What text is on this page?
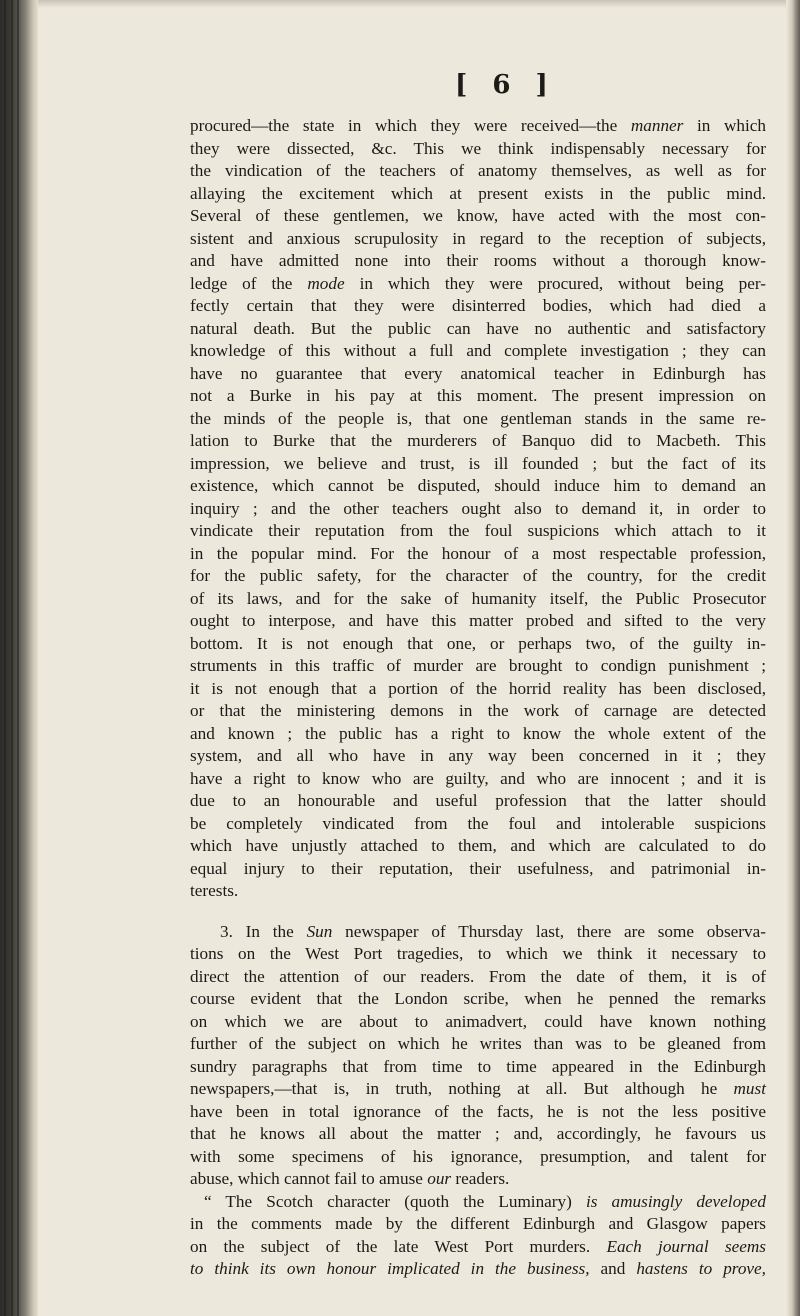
[ 6 ]
procured—the state in which they were received—the manner in which
they were dissected, &c. This we think indispensably necessary for
the vindication of the teachers of anatomy themselves, as well as for
allaying the excitement which at present exists in the public mind.
Several of these gentlemen, we know, have acted with the most con-
sistent and anxious scrupulosity in regard to the reception of subjects,
and have admitted none into their rooms without a thorough know-
ledge of the mode in which they were procured, without being per-
fectly certain that they were disinterred bodies, which had died a
natural death. But the public can have no authentic and satisfactory
knowledge of this without a full and complete investigation ; they can
have no guarantee that every anatomical teacher in Edinburgh has
not a Burke in his pay at this moment. The present impression on
the minds of the people is, that one gentleman stands in the same re-
lation to Burke that the murderers of Banquo did to Macbeth. This
impression, we believe and trust, is ill founded ; but the fact of its
existence, which cannot be disputed, should induce him to demand an
inquiry ; and the other teachers ought also to demand it, in order to
vindicate their reputation from the foul suspicions which attach to it
in the popular mind. For the honour of a most respectable profession,
for the public safety, for the character of the country, for the credit
of its laws, and for the sake of humanity itself, the Public Prosecutor
ought to interpose, and have this matter probed and sifted to the very
bottom. It is not enough that one, or perhaps two, of the guilty in-
struments in this traffic of murder are brought to condign punishment ;
it is not enough that a portion of the horrid reality has been disclosed,
or that the ministering demons in the work of carnage are detected
and known ; the public has a right to know the whole extent of the
system, and all who have in any way been concerned in it ; they
have a right to know who are guilty, and who are innocent ; and it is
due to an honourable and useful profession that the latter should
be completely vindicated from the foul and intolerable suspicions
which have unjustly attached to them, and which are calculated to do
equal injury to their reputation, their usefulness, and patrimonial in-
terests.
3. In the Sun newspaper of Thursday last, there are some observa-
tions on the West Port tragedies, to which we think it necessary to
direct the attention of our readers. From the date of them, it is of
course evident that the London scribe, when he penned the remarks
on which we are about to animadvert, could have known nothing
further of the subject on which he writes than was to be gleaned from
sundry paragraphs that from time to time appeared in the Edinburgh
newspapers,—that is, in truth, nothing at all. But although he must
have been in total ignorance of the facts, he is not the less positive
that he knows all about the matter ; and, accordingly, he favours us
with some specimens of his ignorance, presumption, and talent for
abuse, which cannot fail to amuse our readers.
“ The Scotch character (quoth the Luminary) is amusingly developed
in the comments made by the different Edinburgh and Glasgow papers
on the subject of the late West Port murders. Each journal seems
to think its own honour implicated in the business, and hastens to prove,
